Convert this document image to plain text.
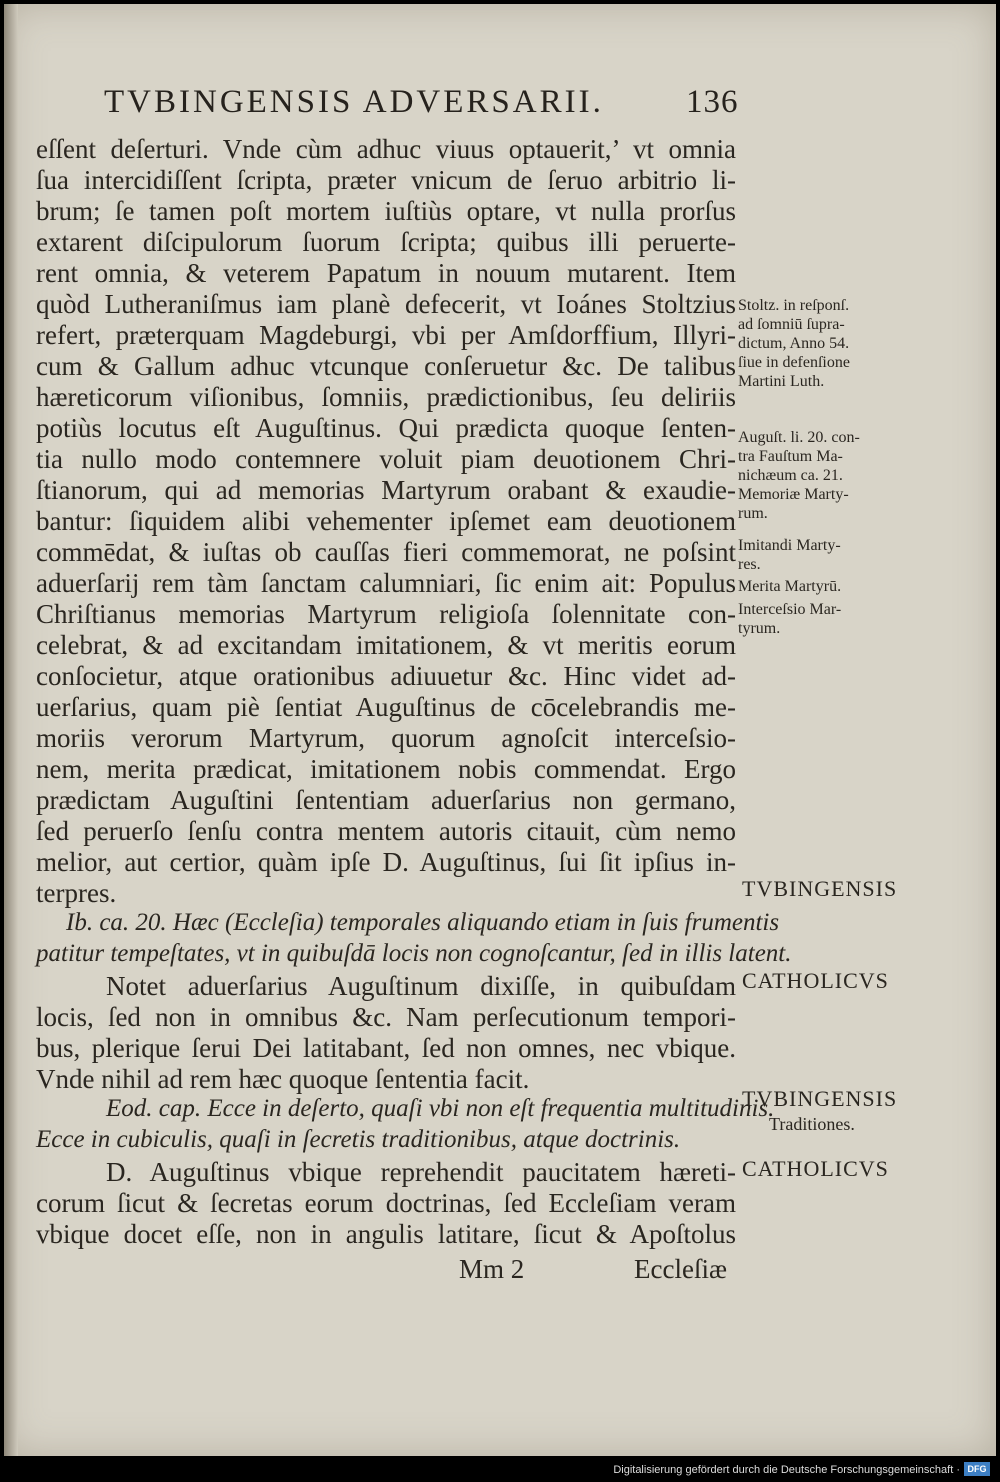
TVBINGENSIS ADVERSARII. 136
eſſent deſerturi. Vnde cùm adhuc viuus optauerit,’ vt omnia
ſua intercidiſſent ſcripta, præter vnicum de ſeruo arbitrio li-
brum; ſe tamen poſt mortem iuſtiùs optare, vt nulla prorſus
extarent diſcipulorum ſuorum ſcripta; quibus illi peruerte-
rent omnia, & veterem Papatum in nouum mutarent. Item
quòd Lutheraniſmus iam planè defecerit, vt Ioánes Stoltzius
refert, præterquam Magdeburgi, vbi per Amſdorffium, Illyri-
cum & Gallum adhuc vtcunque conſeruetur &c. De talibus
hæreticorum viſionibus, ſomniis, prædictionibus, ſeu deliriis
potiùs locutus eſt Auguſtinus. Qui prædicta quoque ſenten-
tia nullo modo contemnere voluit piam deuotionem Chri-
ſtianorum, qui ad memorias Martyrum orabant & exaudie-
bantur: ſiquidem alibi vehementer ipſemet eam deuotionem
commēdat, & iuſtas ob cauſſas fieri commemorat, ne poſsint
aduerſarij rem tàm ſanctam calumniari, ſic enim ait: Populus
Chriſtianus memorias Martyrum religioſa ſolennitate con-
celebrat, & ad excitandam imitationem, & vt meritis eorum
conſocietur, atque orationibus adiuuetur &c. Hinc videt ad-
uerſarius, quam piè ſentiat Auguſtinus de cōcelebrandis me-
moriis verorum Martyrum, quorum agnoſcit interceſsio-
nem, merita prædicat, imitationem nobis commendat. Ergo
prædictam Auguſtini ſententiam aduerſarius non germano,
ſed peruerſo ſenſu contra mentem autoris citauit, cùm nemo
melior, aut certior, quàm ipſe D. Auguſtinus, ſui ſit ipſius in-
terpres.
Ib. ca. 20. Hæc (Eccleſia) temporales aliquando etiam in ſuis frumentis
patitur tempeſtates, vt in quibuſdā locis non cognoſcantur, ſed in illis latent.
Notet aduerſarius Auguſtinum dixiſſe, in quibuſdam
locis, ſed non in omnibus &c. Nam perſecutionum tempori-
bus, plerique ſerui Dei latitabant, ſed non omnes, nec vbique.
Vnde nihil ad rem hæc quoque ſententia facit.
Eod. cap. Ecce in deſerto, quaſi vbi non eſt frequentia multitudinis.
Ecce in cubiculis, quaſi in ſecretis traditionibus, atque doctrinis.
D. Auguſtinus vbique reprehendit paucitatem hæreti-
corum ſicut & ſecretas eorum doctrinas, ſed Eccleſiam veram
vbique docet eſſe, non in angulis latitare, ſicut & Apoſtolus
Mm 2	Eccleſiæ
Stoltz. in reſponſ.
ad ſomniū ſupra-
dictum, Anno 54.
ſiue in defenſione
Martini Luth.
Auguſt. li. 20. con-
tra Fauſtum Ma-
nichæum ca. 21.
Memoriæ Marty-
rum.
Imitandi Marty-
res.
Merita Martyrū.
Interceſsio Mar-
tyrum.
TVBINGENSIS
CATHOLICVS
TVBINGENSIS
Traditiones.
CATHOLICVS
Digitalisierung gefördert durch die Deutsche Forschungsgemeinschaft · DFG
